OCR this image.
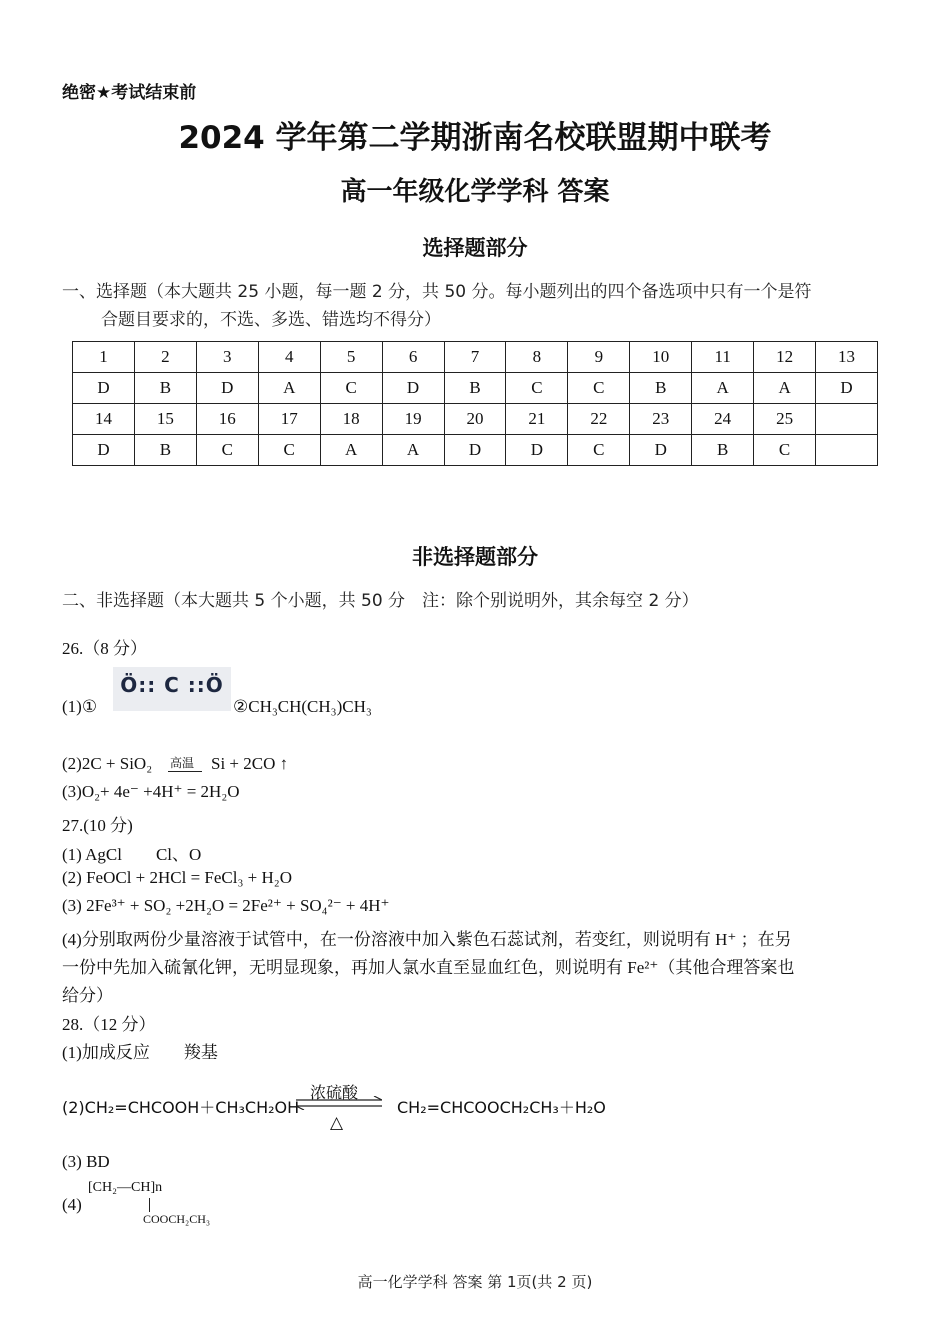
绝密★考试结束前
2024 学年第二学期浙南名校联盟期中联考
高一年级化学学科 答案
选择题部分
一、选择题（本大题共 25 小题，每一题 2 分，共 50 分。每小题列出的四个备选项中只有一个是符
合题目要求的，不选、多选、错选均不得分）
1	2	3	4	5	6	7	8	9	10	11	12	13
D	B	D	A	C	D	B	C	C	B	A	A	D
14	15	16	17	18	19	20	21	22	23	24	25	
D	B	C	C	A	A	D	D	C	D	B	C	
非选择题部分
二、非选择题（本大题共 5 个小题，共 50 分　注：除个别说明外，其余每空 2 分）
26.（8 分）
(1)①
Ö:: C ::Ö
②CH₃CH(CH₃)CH₃
(2)2C + SiO₂ 高温 Si + 2CO ↑
(3)O₂+ 4e⁻ +4H⁺ = 2H₂O
27.(10 分)
(1) AgCl　　Cl、O
(2) FeOCl + 2HCl = FeCl₃ + H₂O
(3) 2Fe³⁺ + SO₂ +2H₂O = 2Fe²⁺ + SO₄²⁻ + 4H⁺
(4)分别取两份少量溶液于试管中，在一份溶液中加入紫色石蕊试剂，若变红，则说明有 H⁺ ；在另
一份中先加入硫氰化钾，无明显现象，再加人氯水直至显血红色，则说明有 Fe²⁺（其他合理答案也
给分）
28.（12 分）
(1)加成反应　　羧基
(2)CH₂=CHCOOH＋CH₃CH₂OH
浓硫酸
△
CH₂=CHCOOCH₂CH₃＋H₂O
(3) BD
(4)
[CH₂—CH]n
COOCH₂CH₃
高一化学学科 答案 第 1页(共 2 页)
